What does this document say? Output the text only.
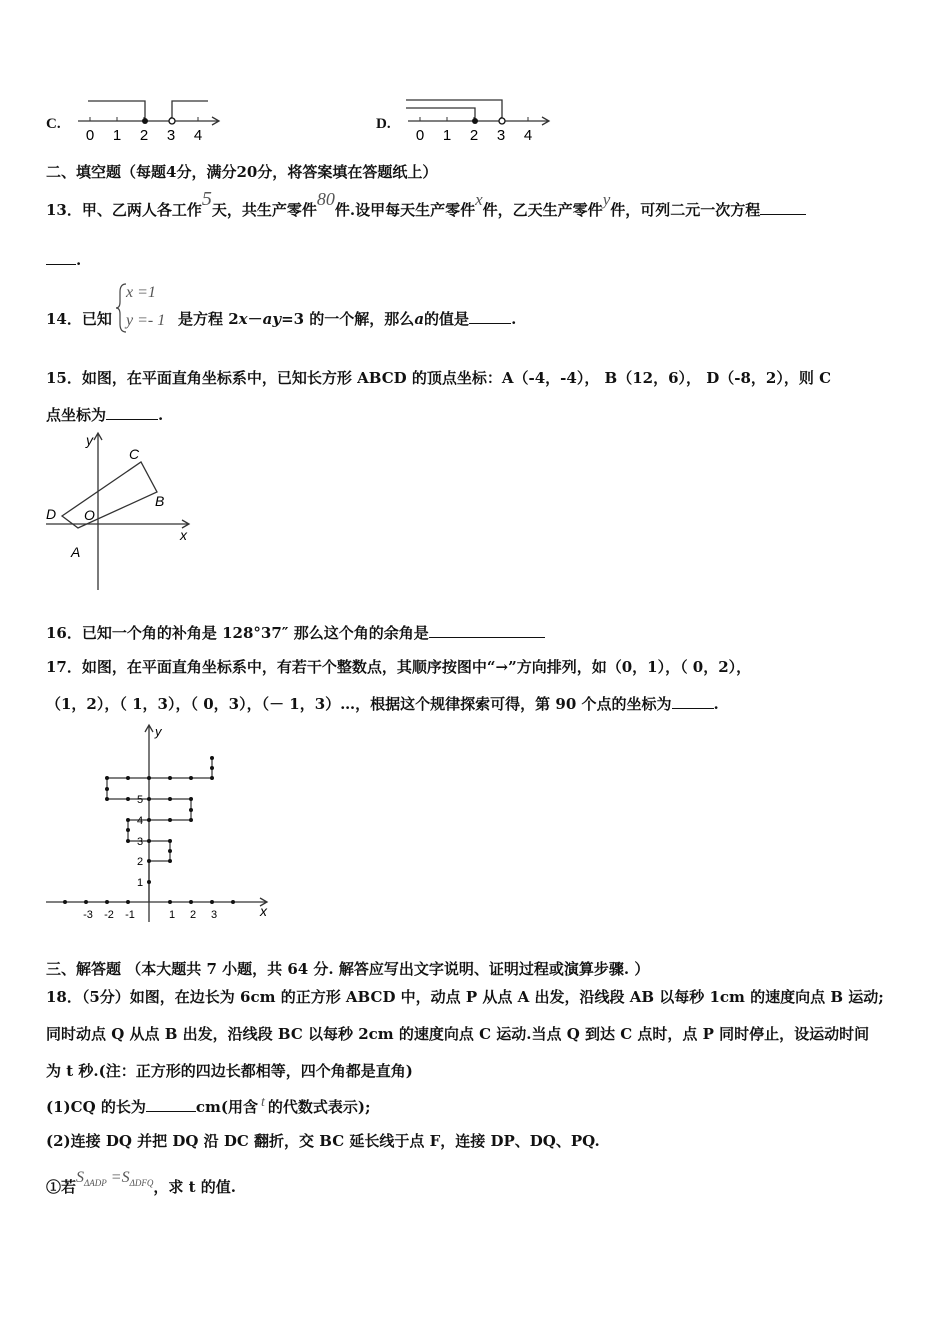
C.
0 1 2 3 4
D.
0 1 2 3 4
二、填空题（每题4分，满分20分，将答案填在答题纸上）
13．甲、乙两人各工作5天，共生产零件80件.设甲每天生产零件x件，乙天生产零件y件，可列二元一次方程
.
14．已知
x =1
y =- 1 是方程 2x－ay=3 的一个解，那么a的值是	.
15．如图，在平面直角坐标系中，已知长方形 ABCD 的顶点坐标：A（-4，-4）， B（12，6）， D（-8，2），则 C
点坐标为	.
y
x
C
B
D O
A
16．已知一个角的补角是 128°37″ 那么这个角的余角是
17．如图，在平面直角坐标系中，有若干个整数点，其顺序按图中“→”方向排列，如（0，1），（ 0，2），
（1，2），（ 1，3），（ 0，3），（－ 1，3）…，根据这个规律探索可得，第 90 个点的坐标为	.
y
x
-3 -2 -1	1 2 3
1
2
3
4
5
三、解答题 （本大题共 7 小题，共 64 分. 解答应写出文字说明、证明过程或演算步骤. ）
18．（5分）如图，在边长为 6cm 的正方形 ABCD 中，动点 P 从点 A 出发，沿线段 AB 以每秒 1cm 的速度向点 B 运动;
同时动点 Q 从点 B 出发，沿线段 BC 以每秒 2cm 的速度向点 C 运动.当点 Q 到达 C 点时，点 P 同时停止，设运动时间
为 t 秒.(注：正方形的四边长都相等，四个角都是直角)
(1)CQ 的长为	cm(用含 t 的代数式表示);
(2)连接 DQ 并把 DQ 沿 DC 翻折，交 BC 延长线于点 F，连接 DP、DQ、PQ.
①若$S_{\Delta ADP} =S_{\Delta DFQ}$，求 t 的值.
